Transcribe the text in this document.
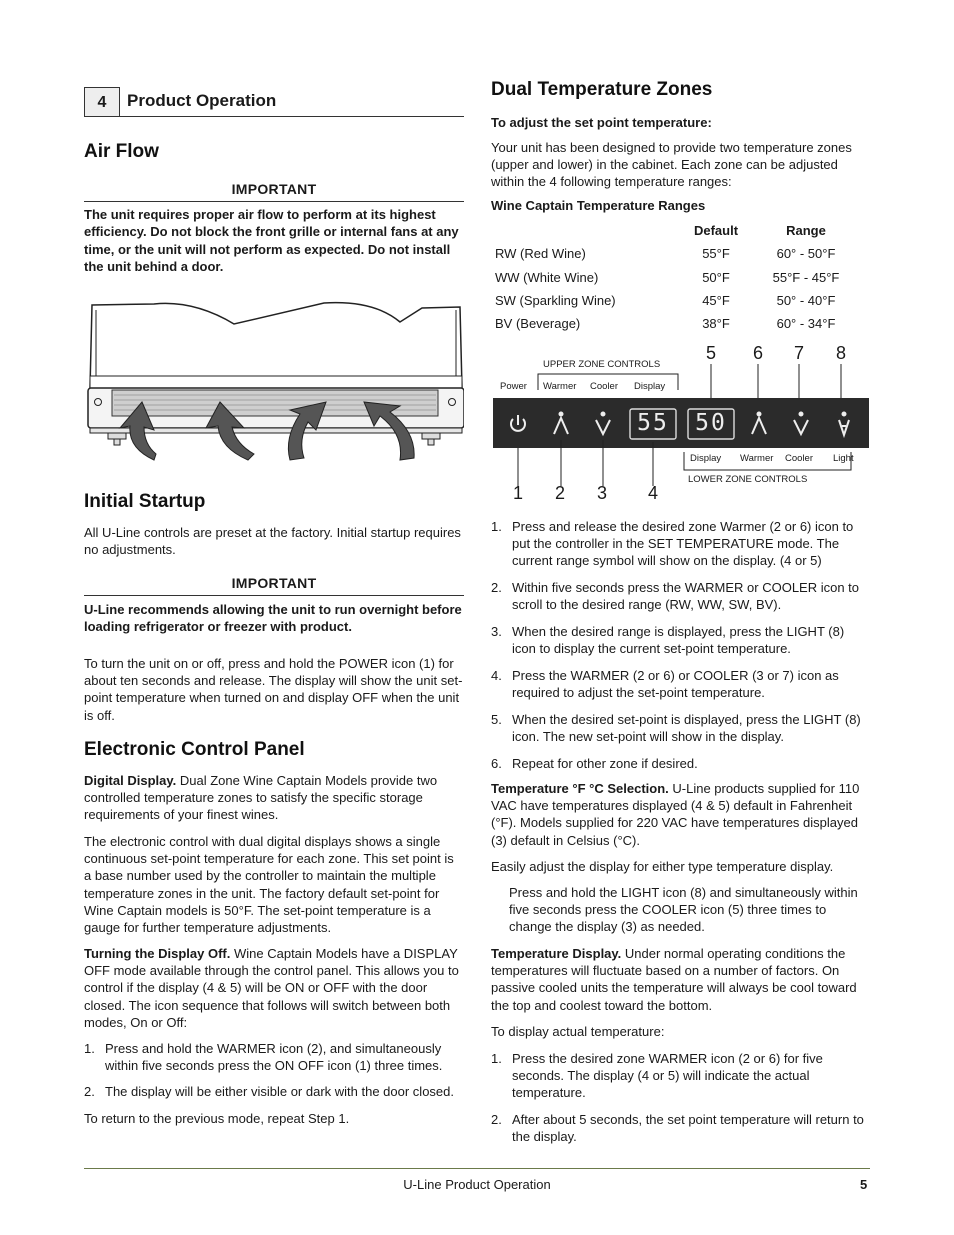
4	Product Operation
Air Flow
IMPORTANT
The unit requires proper air flow to perform at its highest efficiency. Do not block the front grille or internal fans at any time, or the unit will not perform as expected. Do not install the unit behind a door.
Initial Startup

All U-Line controls are preset at the factory. Initial startup requires no adjustments.

IMPORTANT
U-Line recommends allowing the unit to run overnight before loading refrigerator or freezer with product.

To turn the unit on or off, press and hold the POWER icon (1) for about ten seconds and release. The display will show the unit set-point temperature when turned on and display OFF when the unit is off.

Electronic Control Panel

Digital Display. Dual Zone Wine Captain Models provide two controlled temperature zones to satisfy the specific storage requirements of your finest wines.

The electronic control with dual digital displays shows a single continuous set-point temperature for each zone. This set point is a base number used by the controller to maintain the multiple temperature zones in the unit. The factory default set-point for Wine Captain models is 50°F. The set-point temperature is a gauge for further temperature adjustments.

Turning the Display Off. Wine Captain Models have a DISPLAY OFF mode available through the control panel. This allows you to control if the display (4 & 5) will be ON or OFF with the door closed. The icon sequence that follows will switch between both modes, On or Off:

1. Press and hold the WARMER icon (2), and simultaneously within five seconds press the ON OFF icon (1) three times.
2. The display will be either visible or dark with the door closed.

To return to the previous mode, repeat Step 1.

Dual Temperature Zones

To adjust the set point temperature:

Your unit has been designed to provide two temperature zones (upper and lower) in the cabinet. Each zone can be adjusted within the 4 following temperature ranges:

Wine Captain Temperature Ranges

	Default	Range
RW (Red Wine)	55°F	60° - 50°F
WW (White Wine)	50°F	55°F - 45°F
SW (Sparkling Wine)	45°F	50° - 40°F
BV (Beverage)	38°F	60° - 34°F
5 6 7 8
UPPER ZONE CONTROLS
Power Warmer Cooler Display
55 50
Display Warmer Cooler Light
LOWER ZONE CONTROLS
1 2 3 4
1. Press and release the desired zone Warmer (2 or 6) icon to put the controller in the SET TEMPERATURE mode. The current range symbol will show on the display. (4 or 5)
2. Within five seconds press the WARMER or COOLER icon to scroll to the desired range (RW, WW, SW, BV).
3. When the desired range is displayed, press the LIGHT (8) icon to display the current set-point temperature.
4. Press the WARMER (2 or 6) or COOLER (3 or 7) icon as required to adjust the set-point temperature.
5. When the desired set-point is displayed, press the LIGHT (8) icon. The new set-point will show in the display.
6. Repeat for other zone if desired.

Temperature °F °C Selection. U-Line products supplied for 110 VAC have temperatures displayed (4 & 5) default in Fahrenheit (°F). Models supplied for 220 VAC have temperatures displayed (3) default in Celsius (°C).

Easily adjust the display for either type temperature display.

Press and hold the LIGHT icon (8) and simultaneously within five seconds press the COOLER icon (5) three times to change the display (3) as needed.

Temperature Display. Under normal operating conditions the temperatures will fluctuate based on a number of factors. On passive cooled units the temperature will always be cool toward the top and coolest toward the bottom.

To display actual temperature:

1. Press the desired zone WARMER icon (2 or 6) for five seconds. The display (4 or 5) will indicate the actual temperature.
2. After about 5 seconds, the set point temperature will return to the display.
U-Line Product Operation	5
